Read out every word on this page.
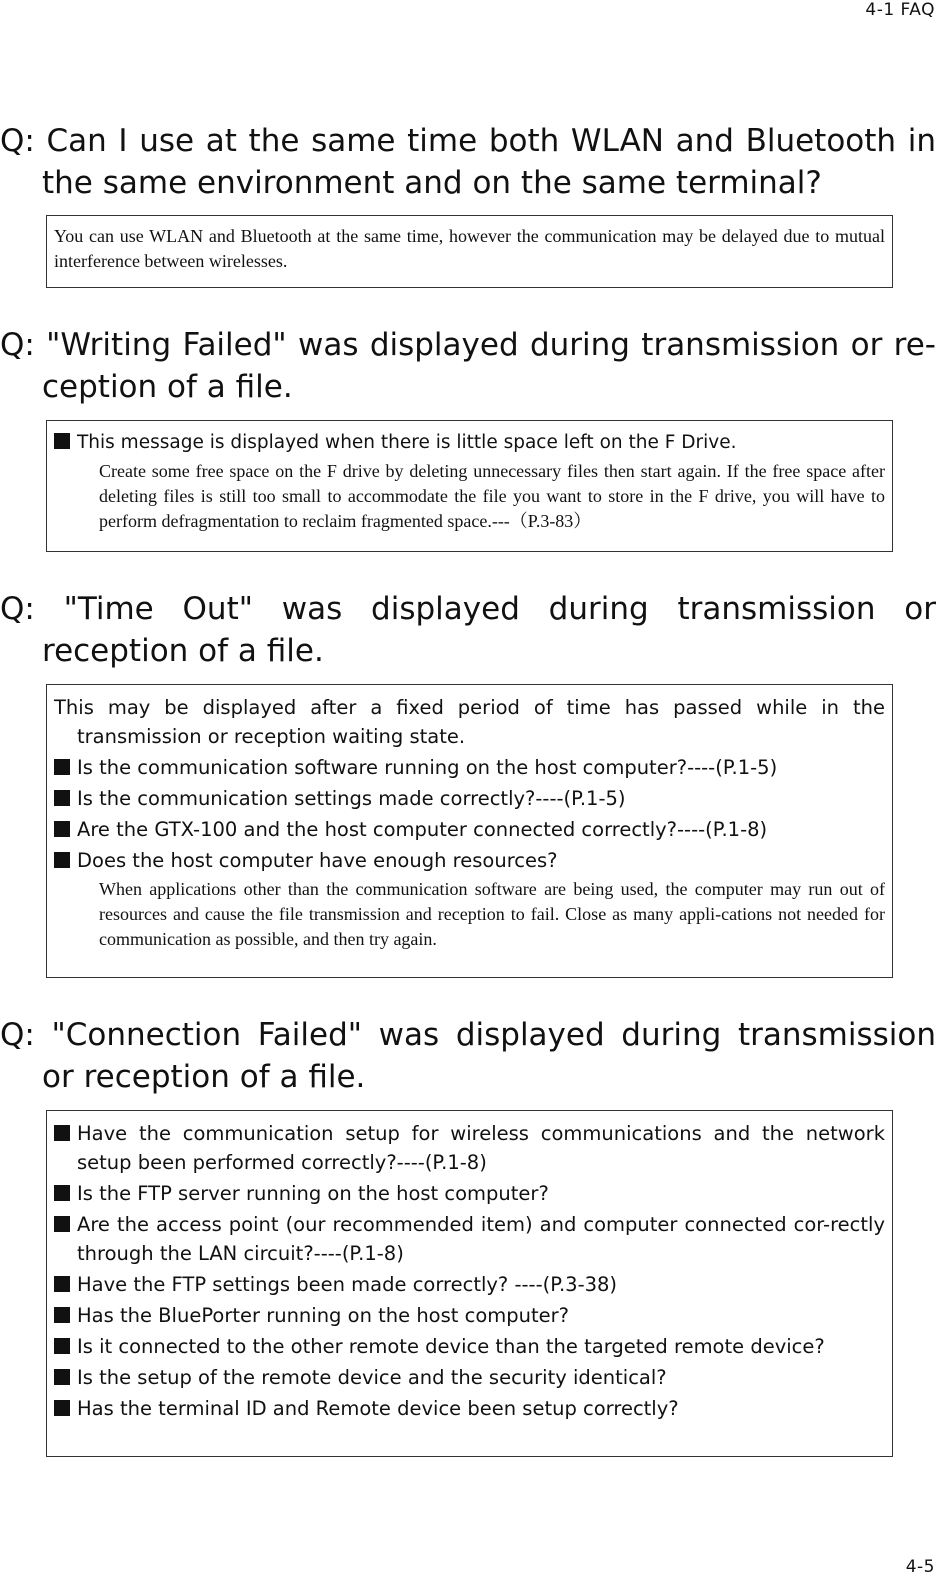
4-1 FAQ
Q: Can I use at the same time both WLAN and Bluetooth in the same environment and on the same terminal?
You can use WLAN and Bluetooth at the same time, however the communication may be delayed due to mutual interference between wirelesses.
Q: "Writing Failed" was displayed during transmission or re-ception of a file.
This message is displayed when there is little space left on the F Drive.
Create some free space on the F drive by deleting unnecessary files then start again. If the free space after deleting files is still too small to accommodate the file you want to store in the F drive, you will have to perform defragmentation to reclaim fragmented space.---（P.3-83）
Q: "Time Out" was displayed during transmission or reception of a file.
This may be displayed after a fixed period of time has passed while in the transmission or reception waiting state.
Is the communication software running on the host computer?----(P.1-5)
Is the communication settings made correctly?----(P.1-5)
Are the GTX-100 and the host computer connected correctly?----(P.1-8)
Does the host computer have enough resources?
When applications other than the communication software are being used, the computer may run out of resources and cause the file transmission and reception to fail. Close as many appli-cations not needed for communication as possible, and then try again.
Q: "Connection Failed" was displayed during transmission or reception of a file.
Have the communication setup for wireless communications and the network setup been performed correctly?----(P.1-8)
Is the FTP server running on the host computer?
Are the access point (our recommended item) and computer connected cor-rectly through the LAN circuit?----(P.1-8)
Have the FTP settings been made correctly? ----(P.3-38)
Has the BluePorter running on the host computer?
Is it connected to the other remote device than the targeted remote device?
Is the setup of the remote device and the security identical?
Has the terminal ID and Remote device been setup correctly?
4-5
